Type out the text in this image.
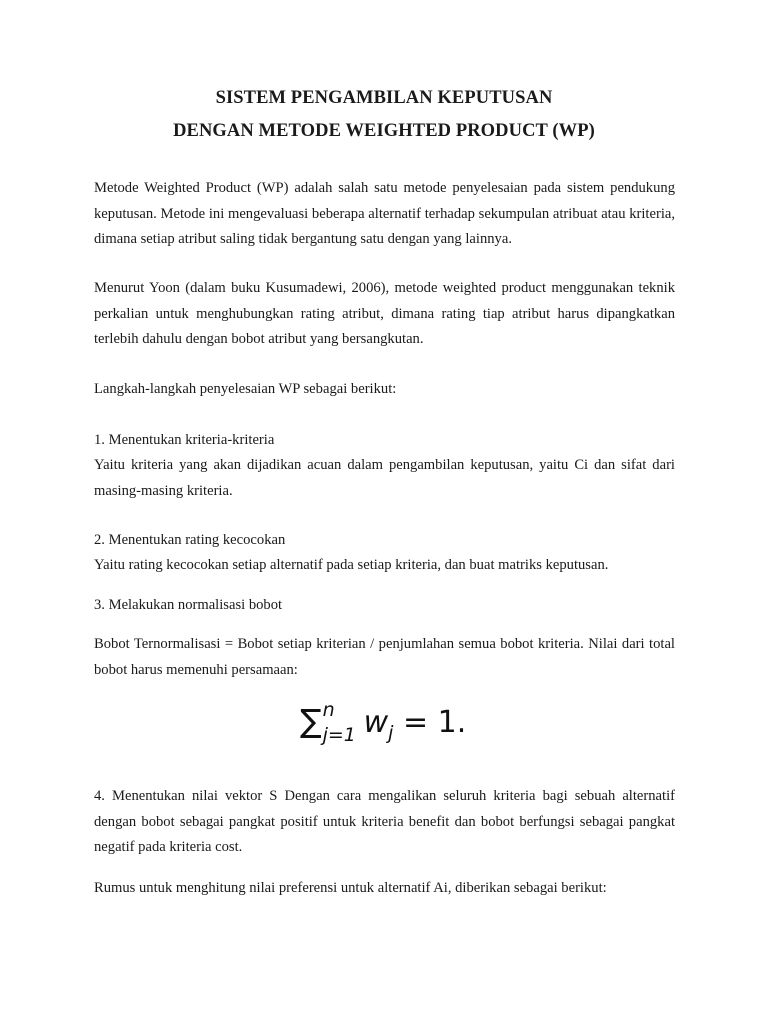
SISTEM PENGAMBILAN KEPUTUSAN
DENGAN METODE WEIGHTED PRODUCT (WP)
Metode Weighted Product (WP) adalah salah satu metode penyelesaian pada sistem pendukung keputusan. Metode ini mengevaluasi beberapa alternatif terhadap sekumpulan atribuat atau kriteria, dimana setiap atribut saling tidak bergantung satu dengan yang lainnya.
Menurut Yoon (dalam buku Kusumadewi, 2006), metode weighted product menggunakan teknik perkalian untuk menghubungkan rating atribut, dimana rating tiap atribut harus dipangkatkan terlebih dahulu dengan bobot atribut yang bersangkutan.
Langkah-langkah penyelesaian WP sebagai berikut:
1. Menentukan kriteria-kriteria
Yaitu kriteria yang akan dijadikan acuan dalam pengambilan keputusan, yaitu Ci dan sifat dari masing-masing kriteria.
2. Menentukan rating kecocokan
Yaitu rating kecocokan setiap alternatif pada setiap kriteria, dan buat matriks keputusan.
3. Melakukan normalisasi bobot
Bobot Ternormalisasi = Bobot setiap kriterian / penjumlahan semua bobot kriteria. Nilai dari total bobot harus memenuhi persamaan:
∑ n
j=1 $w_j = 1$.
4. Menentukan nilai vektor S Dengan cara mengalikan seluruh kriteria bagi sebuah alternatif dengan bobot sebagai pangkat positif untuk kriteria benefit dan bobot berfungsi sebagai pangkat negatif pada kriteria cost.
Rumus untuk menghitung nilai preferensi untuk alternatif Ai, diberikan sebagai berikut:
